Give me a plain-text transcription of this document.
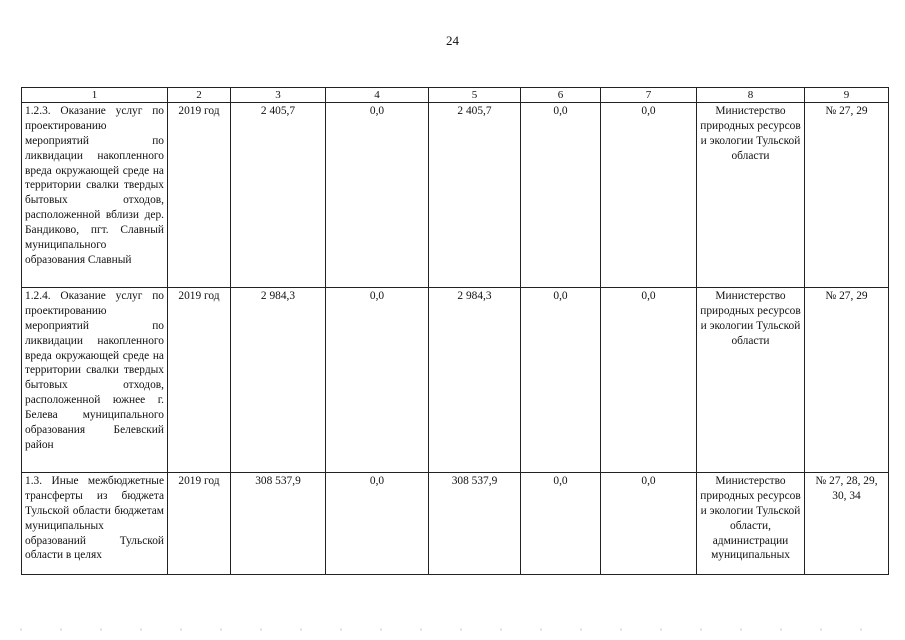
24
1	2	3	4	5	6	7	8	9
1.2.3. Оказание услуг по проектированию мероприятий по ликвидации накопленного вреда окружающей среде на территории свалки твердых бытовых отходов, расположенной вблизи дер. Бандиково, пгт. Славный муниципального образования Славный	2019 год	2 405,7	0,0	2 405,7	0,0	0,0	Министерство природных ресурсов и экологии Тульской области	№ 27, 29
1.2.4. Оказание услуг по проектированию мероприятий по ликвидации накопленного вреда окружающей среде на территории свалки твердых бытовых отходов, расположенной южнее г. Белева муниципального образования Белевский район	2019 год	2 984,3	0,0	2 984,3	0,0	0,0	Министерство природных ресурсов и экологии Тульской области	№ 27, 29
1.3. Иные межбюджетные трансферты из бюджета Тульской области бюджетам муниципальных образований Тульской области в целях	2019 год	308 537,9	0,0	308 537,9	0,0	0,0	Министерство природных ресурсов и экологии Тульской области, администрации муниципальных	№ 27, 28, 29, 30, 34
